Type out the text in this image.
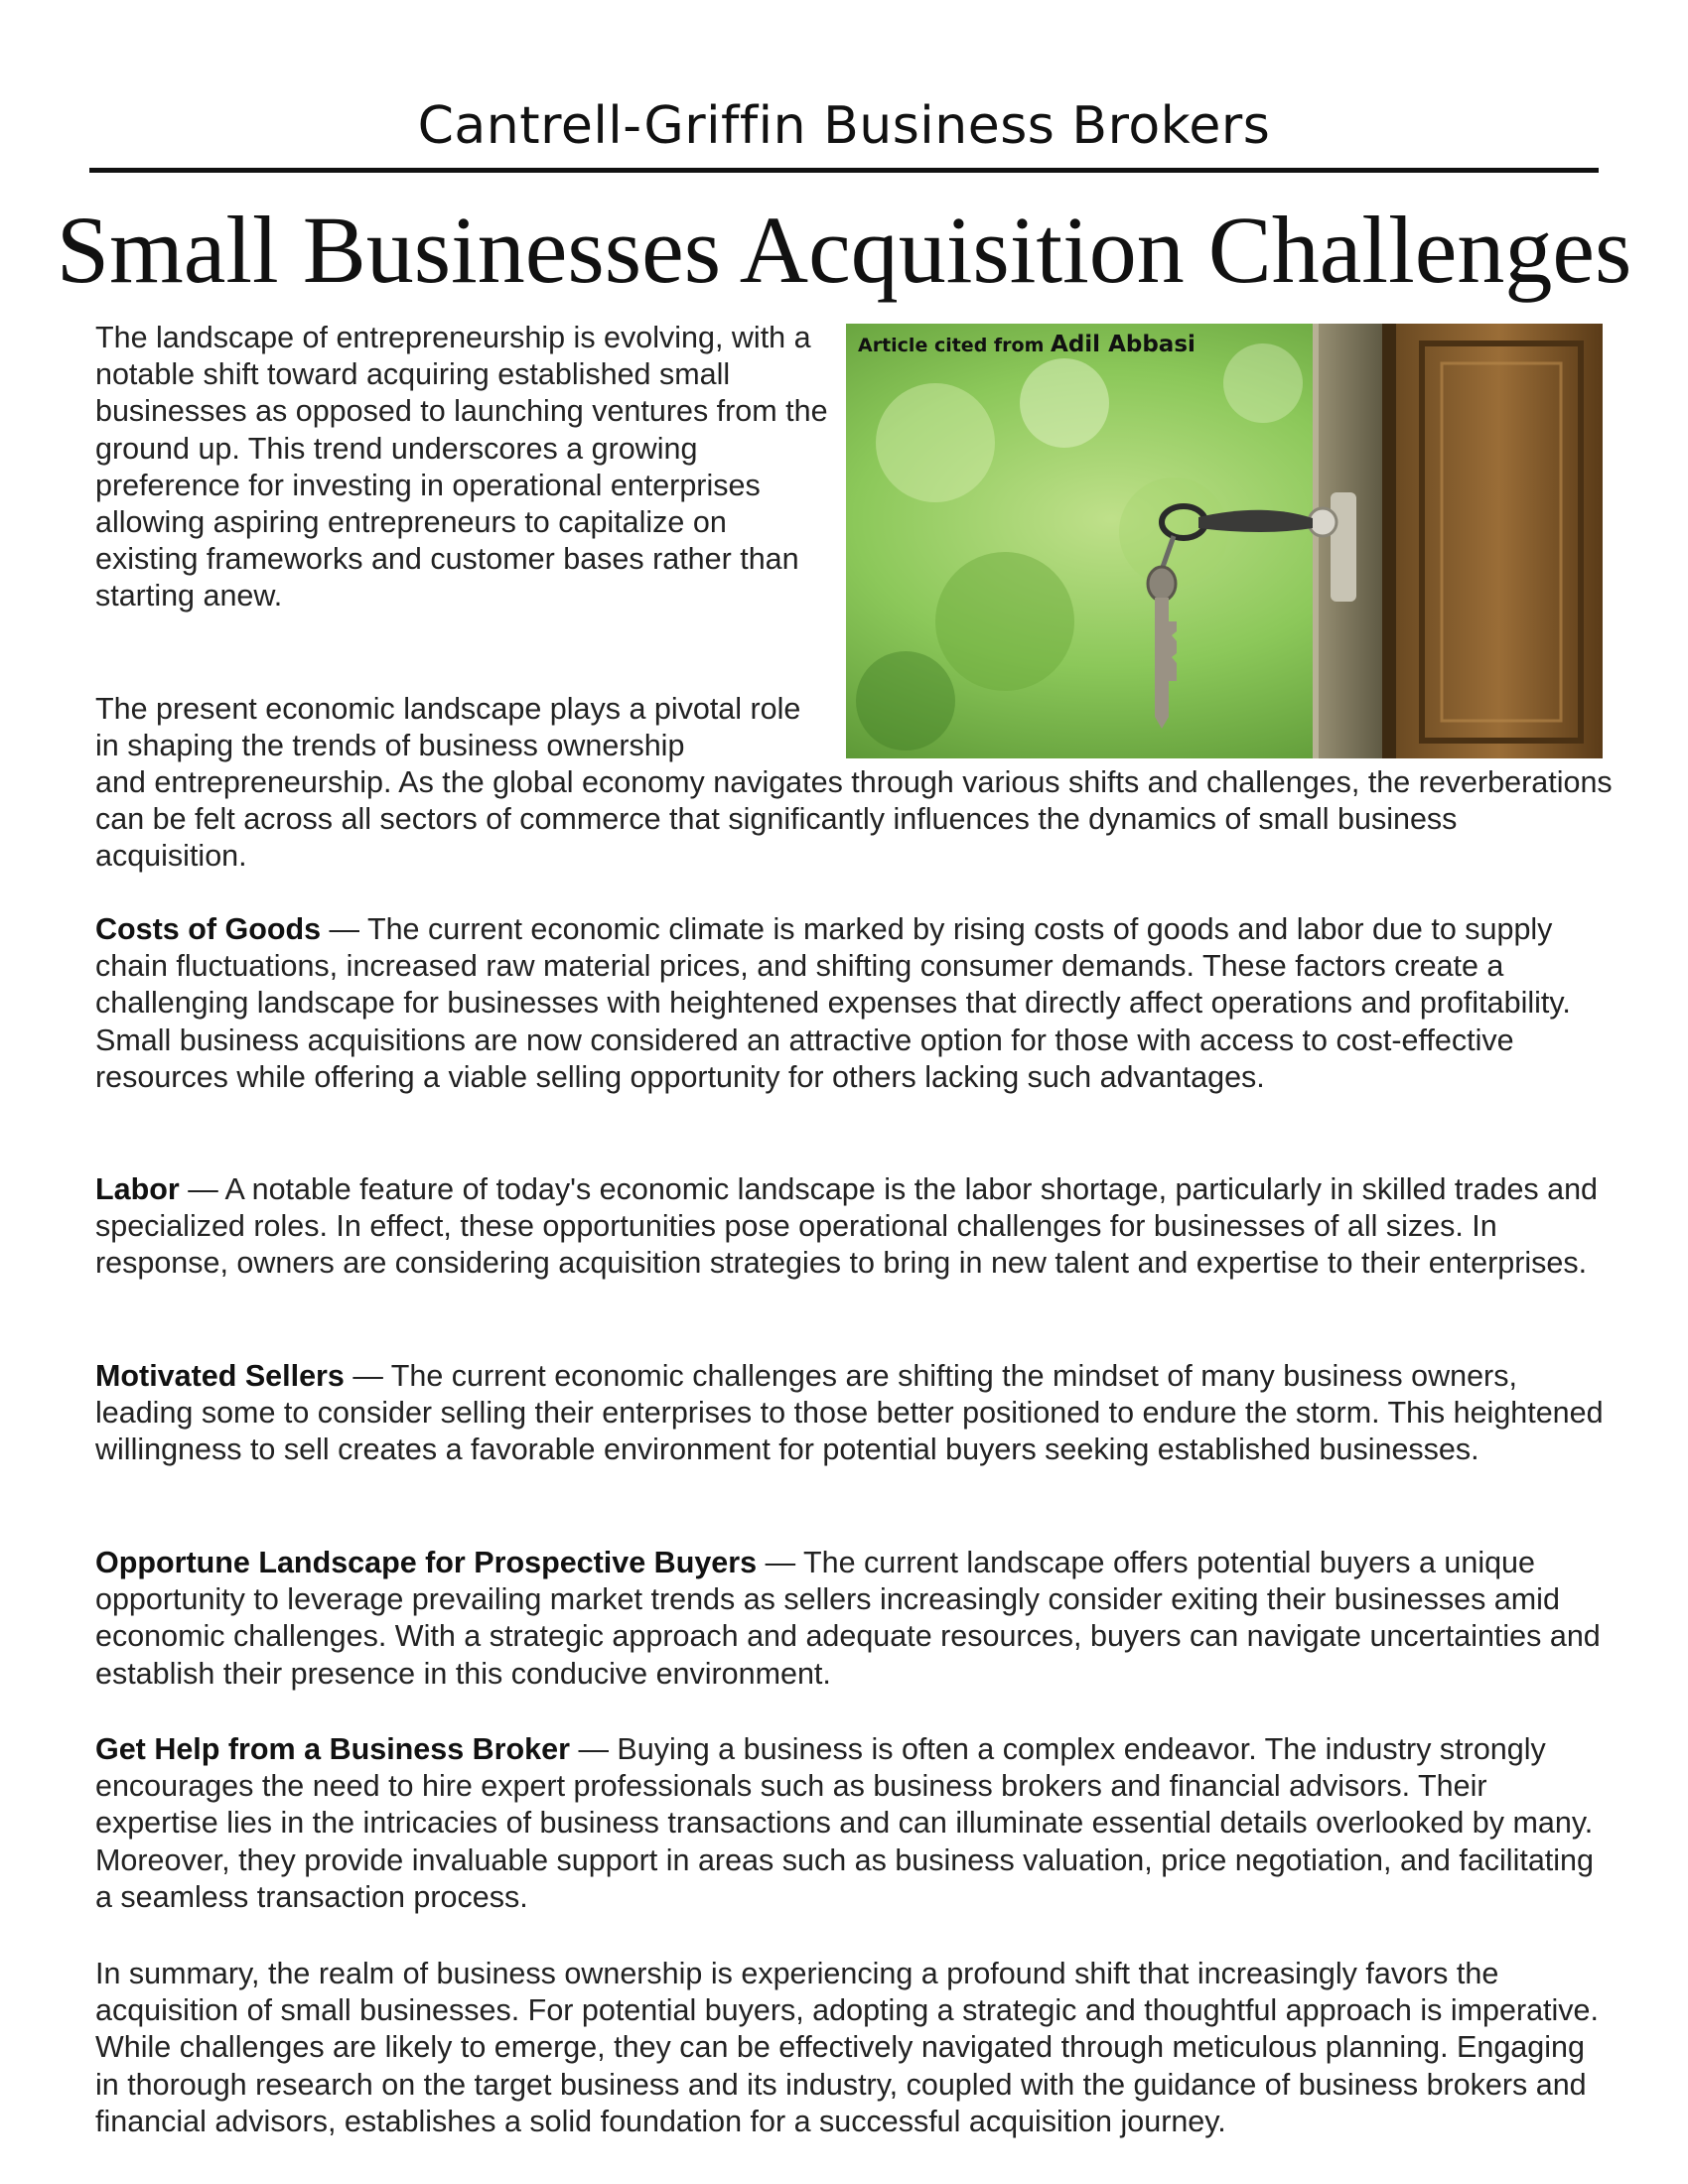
Cantrell-Griffin Business Brokers
Small Businesses Acquisition Challenges
Article cited from Adil Abbasi

The landscape of entrepreneurship is evolving, with a notable shift toward acquiring established small businesses as opposed to launching ventures from the ground up. This trend underscores a growing preference for investing in operational enterprises allowing aspiring entrepreneurs to capitalize on existing frameworks and customer bases rather than starting anew.

The present economic landscape plays a pivotal role in shaping the trends of business ownership

and entrepreneurship. As the global economy navigates through various shifts and challenges, the reverberations can be felt across all sectors of commerce that significantly influences the dynamics of small business acquisition.

Costs of Goods — The current economic climate is marked by rising costs of goods and labor due to supply chain fluctuations, increased raw material prices, and shifting consumer demands. These factors create a challenging landscape for businesses with heightened expenses that directly affect operations and profitability. Small business acquisitions are now considered an attractive option for those with access to cost-effective resources while offering a viable selling opportunity for others lacking such advantages.

Labor — A notable feature of today's economic landscape is the labor shortage, particularly in skilled trades and specialized roles. In effect, these opportunities pose operational challenges for businesses of all sizes. In response, owners are considering acquisition strategies to bring in new talent and expertise to their enterprises.

Motivated Sellers — The current economic challenges are shifting the mindset of many business owners, leading some to consider selling their enterprises to those better positioned to endure the storm. This heightened willingness to sell creates a favorable environment for potential buyers seeking established businesses.

Opportune Landscape for Prospective Buyers — The current landscape offers potential buyers a unique opportunity to leverage prevailing market trends as sellers increasingly consider exiting their businesses amid economic challenges. With a strategic approach and adequate resources, buyers can navigate uncertainties and establish their presence in this conducive environment.

Get Help from a Business Broker — Buying a business is often a complex endeavor. The industry strongly encourages the need to hire expert professionals such as business brokers and financial advisors. Their expertise lies in the intricacies of business transactions and can illuminate essential details overlooked by many. Moreover, they provide invaluable support in areas such as business valuation, price negotiation, and facilitating a seamless transaction process.

In summary, the realm of business ownership is experiencing a profound shift that increasingly favors the acquisition of small businesses. For potential buyers, adopting a strategic and thoughtful approach is imperative. While challenges are likely to emerge, they can be effectively navigated through meticulous planning. Engaging in thorough research on the target business and its industry, coupled with the guidance of business brokers and financial advisors, establishes a solid foundation for a successful acquisition journey.
